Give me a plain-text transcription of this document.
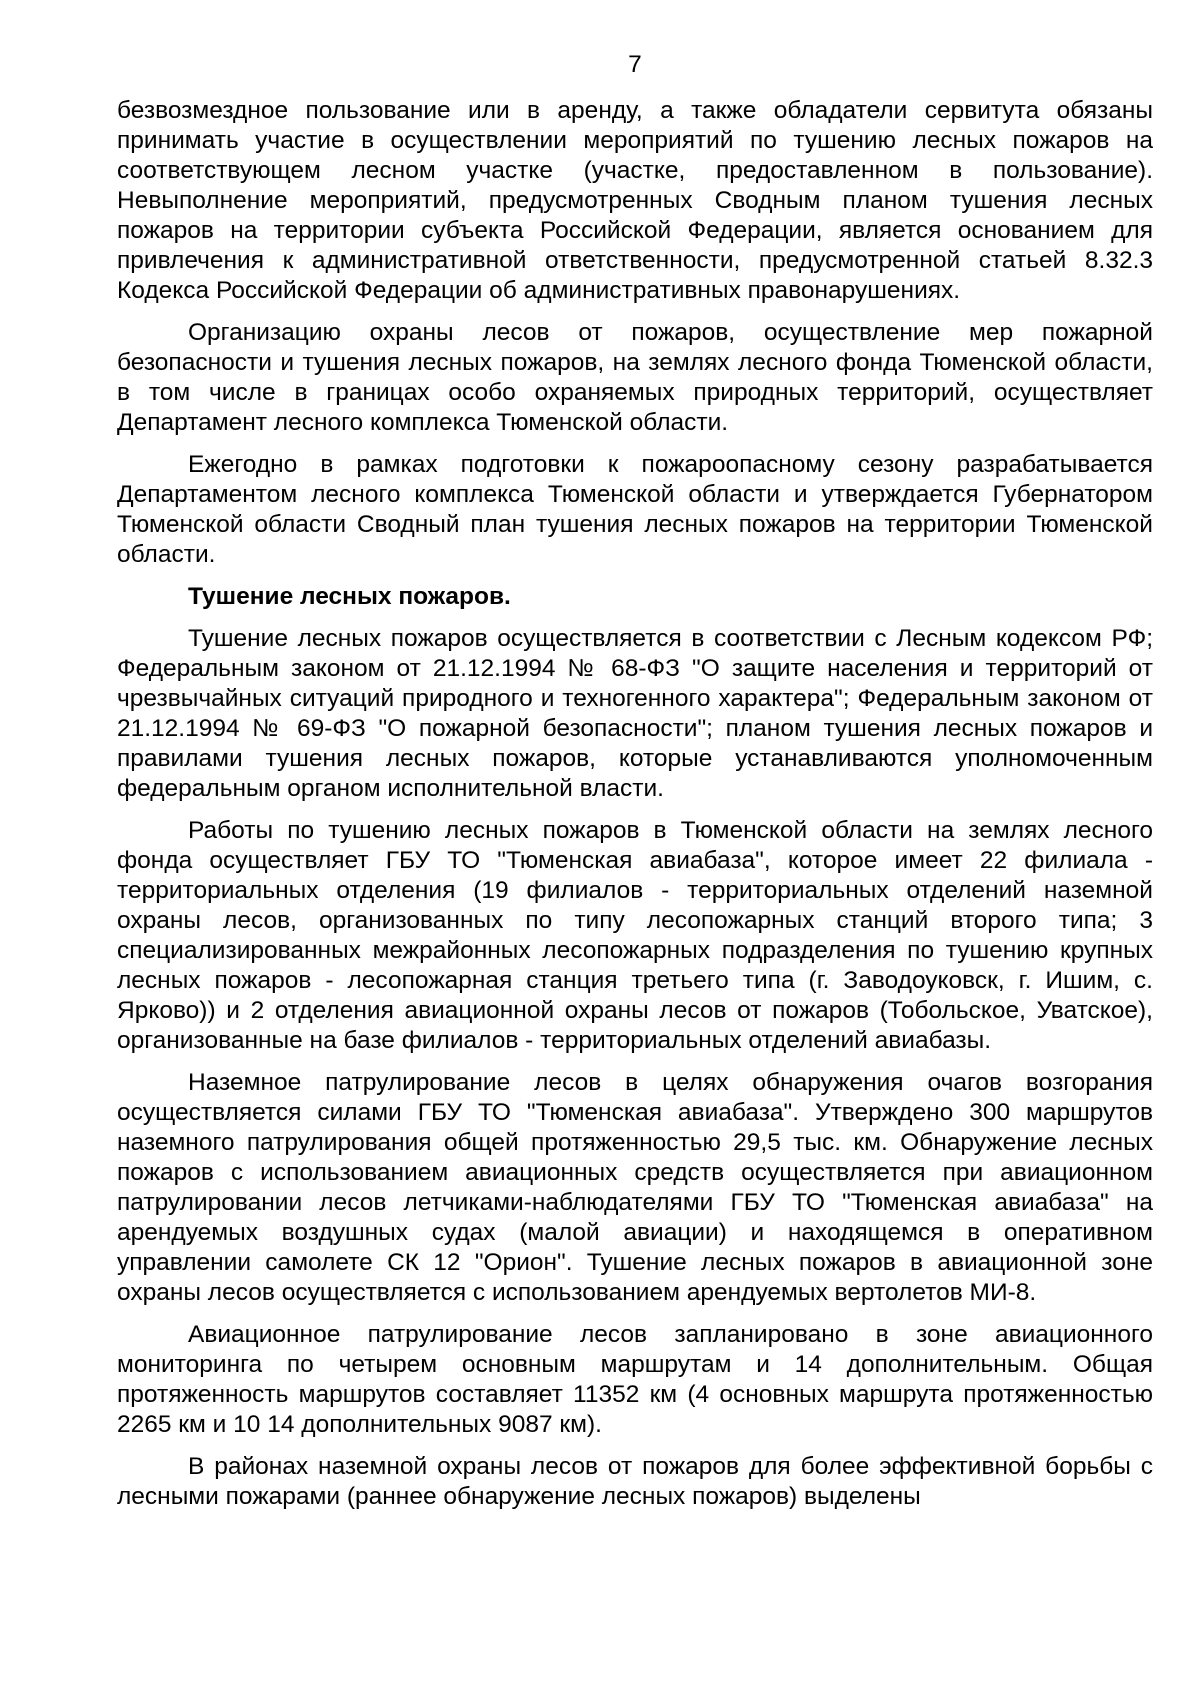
7

безвозмездное пользование или в аренду, а также обладатели сервитута обязаны принимать участие в осуществлении мероприятий по тушению лесных пожаров на соответствующем лесном участке (участке, предоставленном в пользование). Невыполнение мероприятий, предусмотренных Сводным планом тушения лесных пожаров на территории субъекта Российской Федерации, является основанием для привлечения к административной ответственности, предусмотренной статьей 8.32.3 Кодекса Российской Федерации об административных правонарушениях.

Организацию охраны лесов от пожаров, осуществление мер пожарной безопасности и тушения лесных пожаров, на землях лесного фонда Тюменской области, в том числе в границах особо охраняемых природных территорий, осуществляет Департамент лесного комплекса Тюменской области.

Ежегодно в рамках подготовки к пожароопасному сезону разрабатывается Департаментом лесного комплекса Тюменской области и утверждается Губернатором Тюменской области Сводный план тушения лесных пожаров на территории Тюменской области.

Тушение лесных пожаров.

Тушение лесных пожаров осуществляется в соответствии с Лесным кодексом РФ; Федеральным законом от 21.12.1994 № 68-ФЗ "О защите населения и территорий от чрезвычайных ситуаций природного и техногенного характера"; Федеральным законом от 21.12.1994 № 69-ФЗ "О пожарной безопасности"; планом тушения лесных пожаров и правилами тушения лесных пожаров, которые устанавливаются уполномоченным федеральным органом исполнительной власти.

Работы по тушению лесных пожаров в Тюменской области на землях лесного фонда осуществляет ГБУ ТО "Тюменская авиабаза", которое имеет 22 филиала - территориальных отделения (19 филиалов - территориальных отделений наземной охраны лесов, организованных по типу лесопожарных станций второго типа; 3 специализированных межрайонных лесопожарных подразделения по тушению крупных лесных пожаров - лесопожарная станция третьего типа (г. Заводоуковск, г. Ишим, с. Ярково)) и 2 отделения авиационной охраны лесов от пожаров (Тобольское, Уватское), организованные на базе филиалов - территориальных отделений авиабазы.

Наземное патрулирование лесов в целях обнаружения очагов возгорания осуществляется силами ГБУ ТО "Тюменская авиабаза". Утверждено 300 маршрутов наземного патрулирования общей протяженностью 29,5 тыс. км. Обнаружение лесных пожаров с использованием авиационных средств осуществляется при авиационном патрулировании лесов летчиками-наблюдателями ГБУ ТО "Тюменская авиабаза" на арендуемых воздушных судах (малой авиации) и находящемся в оперативном управлении самолете СК 12 "Орион". Тушение лесных пожаров в авиационной зоне охраны лесов осуществляется с использованием арендуемых вертолетов МИ-8.

Авиационное патрулирование лесов запланировано в зоне авиационного мониторинга по четырем основным маршрутам и 14 дополнительным. Общая протяженность маршрутов составляет 11352 км (4 основных маршрута протяженностью 2265 км и 10 14 дополнительных 9087 км).

В районах наземной охраны лесов от пожаров для более эффективной борьбы с лесными пожарами (раннее обнаружение лесных пожаров) выделены
